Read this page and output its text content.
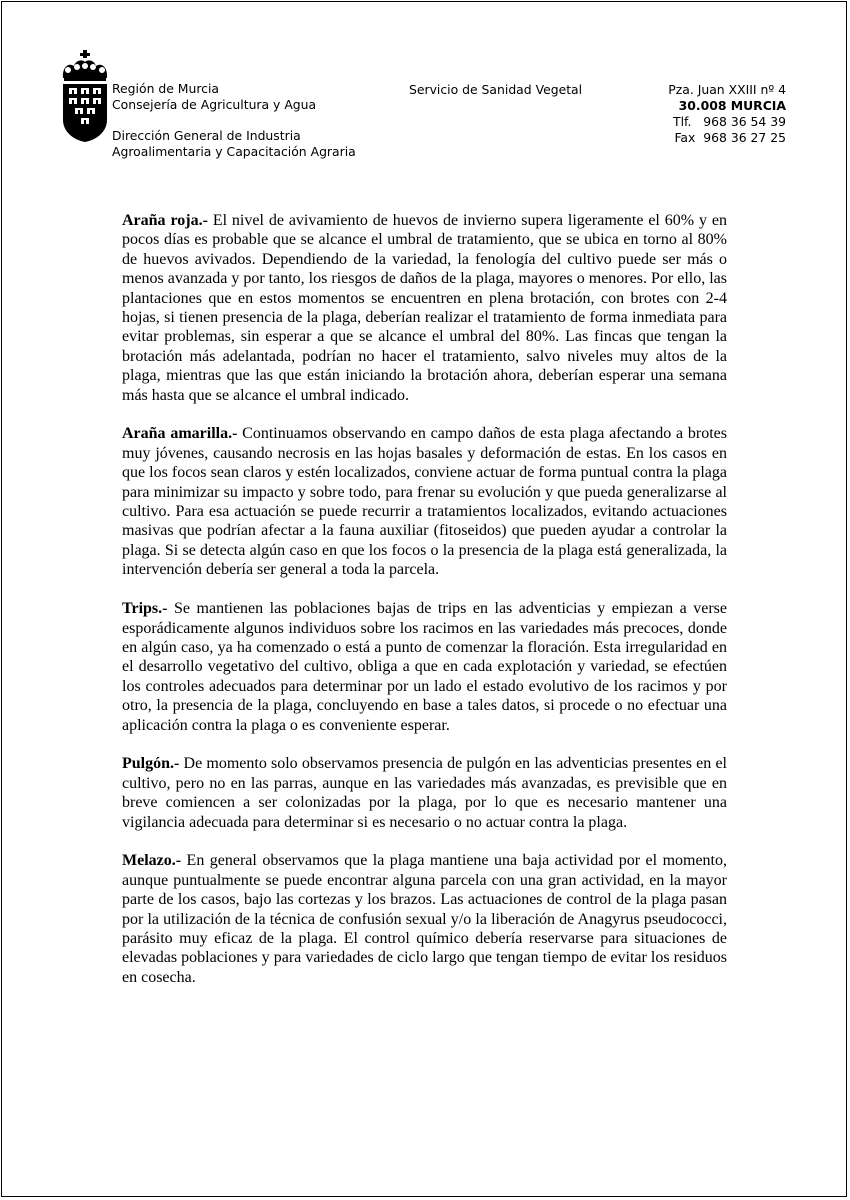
Región de Murcia
Consejería de Agricultura y Agua
Dirección General de Industria
Agroalimentaria y Capacitación Agraria
Servicio de Sanidad Vegetal	Pza. Juan XXIII nº 4
30.008 MURCIA
Tlf.   968 36 54 39
Fax  968 36 27 25

Araña roja.- El nivel de avivamiento de huevos de invierno supera ligeramente el 60% y en pocos días es probable que se alcance el umbral de tratamiento, que se ubica en torno al 80% de huevos avivados. Dependiendo de la variedad, la fenología del cultivo puede ser más o menos avanzada y por tanto, los riesgos de daños de la plaga, mayores o menores. Por ello, las plantaciones que en estos momentos se encuentren en plena brotación, con brotes con 2-4 hojas, si tienen presencia de la plaga, deberían realizar el tratamiento de forma inmediata para evitar problemas, sin esperar a que se alcance el umbral del 80%. Las fincas que tengan la brotación más adelantada, podrían no hacer el tratamiento, salvo niveles muy altos de la plaga, mientras que las que están iniciando la brotación ahora, deberían esperar una semana más hasta que se alcance el umbral indicado.

Araña amarilla.- Continuamos observando en campo daños de esta plaga afectando a brotes muy jóvenes, causando necrosis en las hojas basales y deformación de estas. En los casos en que los focos sean claros y estén localizados, conviene actuar de forma puntual contra la plaga para minimizar su impacto y sobre todo, para frenar su evolución y que pueda generalizarse al cultivo. Para esa actuación se puede recurrir a tratamientos localizados, evitando actuaciones masivas que podrían afectar a la fauna auxiliar (fitoseidos) que pueden ayudar a controlar la plaga. Si se detecta algún caso en que los focos o la presencia de la plaga está generalizada, la intervención debería ser general a toda la parcela.

Trips.- Se mantienen las poblaciones bajas de trips en las adventicias y empiezan a verse esporádicamente algunos individuos sobre los racimos en las variedades más precoces, donde en algún caso, ya ha comenzado o está a punto de comenzar la floración. Esta irregularidad en el desarrollo vegetativo del cultivo, obliga a que en cada explotación y variedad, se efectúen los controles adecuados para determinar por un lado el estado evolutivo de los racimos y por otro, la presencia de la plaga, concluyendo en base a tales datos, si procede o no efectuar una aplicación contra la plaga o es conveniente esperar.

Pulgón.- De momento solo observamos presencia de pulgón en las adventicias presentes en el cultivo, pero no en las parras, aunque en las variedades más avanzadas, es previsible que en breve comiencen a ser colonizadas por la plaga, por lo que es necesario mantener una vigilancia adecuada para determinar si es necesario o no actuar contra la plaga.

Melazo.- En general observamos que la plaga mantiene una baja actividad por el momento, aunque puntualmente se puede encontrar alguna parcela con una gran actividad, en la mayor parte de los casos, bajo las cortezas y los brazos. Las actuaciones de control de la plaga pasan por la utilización de la técnica de confusión sexual y/o la liberación de Anagyrus pseudococci, parásito muy eficaz de la plaga. El control químico debería reservarse para situaciones de elevadas poblaciones y para variedades de ciclo largo que tengan tiempo de evitar los residuos en cosecha.
